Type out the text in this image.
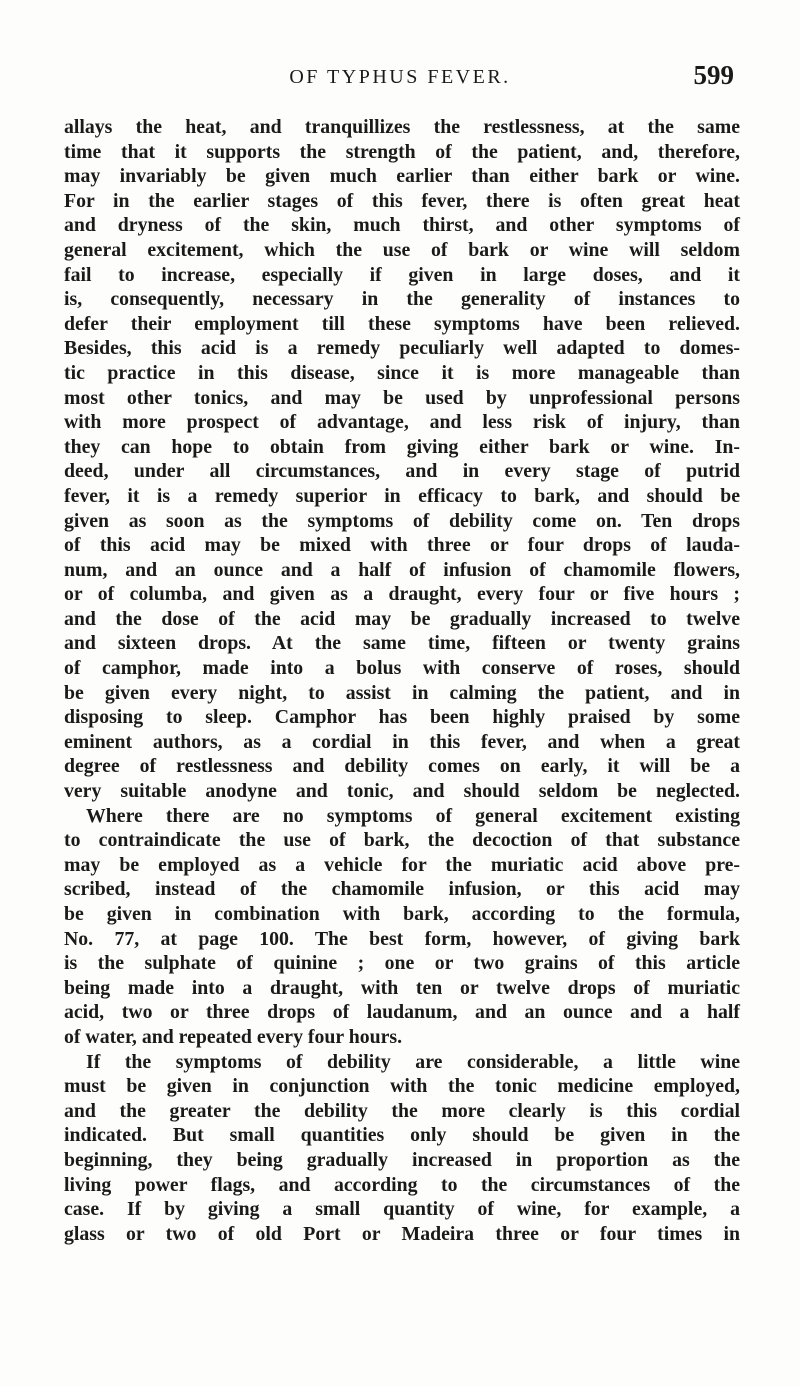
OF TYPHUS FEVER.	599
allays the heat, and tranquillizes the restlessness, at the same
time that it supports the strength of the patient, and, therefore,
may invariably be given much earlier than either bark or wine.
For in the earlier stages of this fever, there is often great heat
and dryness of the skin, much thirst, and other symptoms of
general excitement, which the use of bark or wine will seldom
fail to increase, especially if given in large doses, and it
is, consequently, necessary in the generality of instances to
defer their employment till these symptoms have been relieved.
Besides, this acid is a remedy peculiarly well adapted to domes-
tic practice in this disease, since it is more manageable than
most other tonics, and may be used by unprofessional persons
with more prospect of advantage, and less risk of injury, than
they can hope to obtain from giving either bark or wine. In-
deed, under all circumstances, and in every stage of putrid
fever, it is a remedy superior in efficacy to bark, and should be
given as soon as the symptoms of debility come on. Ten drops
of this acid may be mixed with three or four drops of lauda-
num, and an ounce and a half of infusion of chamomile flowers,
or of columba, and given as a draught, every four or five hours ;
and the dose of the acid may be gradually increased to twelve
and sixteen drops. At the same time, fifteen or twenty grains
of camphor, made into a bolus with conserve of roses, should
be given every night, to assist in calming the patient, and in
disposing to sleep. Camphor has been highly praised by some
eminent authors, as a cordial in this fever, and when a great
degree of restlessness and debility comes on early, it will be a
very suitable anodyne and tonic, and should seldom be neglected.
Where there are no symptoms of general excitement existing
to contraindicate the use of bark, the decoction of that substance
may be employed as a vehicle for the muriatic acid above pre-
scribed, instead of the chamomile infusion, or this acid may
be given in combination with bark, according to the formula,
No. 77, at page 100. The best form, however, of giving bark
is the sulphate of quinine ; one or two grains of this article
being made into a draught, with ten or twelve drops of muriatic
acid, two or three drops of laudanum, and an ounce and a half
of water, and repeated every four hours.
If the symptoms of debility are considerable, a little wine
must be given in conjunction with the tonic medicine employed,
and the greater the debility the more clearly is this cordial
indicated. But small quantities only should be given in the
beginning, they being gradually increased in proportion as the
living power flags, and according to the circumstances of the
case. If by giving a small quantity of wine, for example, a
glass or two of old Port or Madeira three or four times in
